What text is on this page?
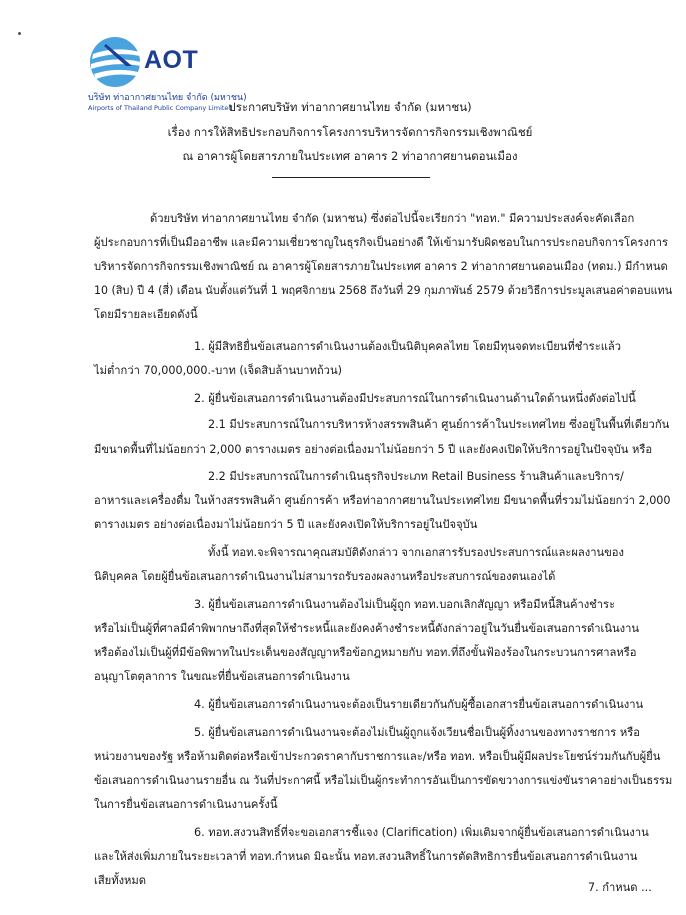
AOT
บริษัท ท่าอากาศยานไทย จำกัด (มหาชน)
Airports of Thailand Public Company Limited
ประกาศบริษัท ท่าอากาศยานไทย จำกัด (มหาชน)
เรื่อง การให้สิทธิประกอบกิจการโครงการบริหารจัดการกิจกรรมเชิงพาณิชย์
ณ อาคารผู้โดยสารภายในประเทศ อาคาร 2 ท่าอากาศยานดอนเมือง
ด้วยบริษัท ท่าอากาศยานไทย จำกัด (มหาชน) ซึ่งต่อไปนี้จะเรียกว่า "ทอท." มีความประสงค์จะคัดเลือก
ผู้ประกอบการที่เป็นมืออาชีพ และมีความเชี่ยวชาญในธุรกิจเป็นอย่างดี ให้เข้ามารับผิดชอบในการประกอบกิจการโครงการ
บริหารจัดการกิจกรรมเชิงพาณิชย์ ณ อาคารผู้โดยสารภายในประเทศ อาคาร 2 ท่าอากาศยานดอนเมือง (ทดม.) มีกำหนด
10 (สิบ) ปี 4 (สี่) เดือน นับตั้งแต่วันที่ 1 พฤศจิกายน 2568 ถึงวันที่ 29 กุมภาพันธ์ 2579 ด้วยวิธีการประมูลเสนอค่าตอบแทน
โดยมีรายละเอียดดังนี้
1. ผู้มีสิทธิยื่นข้อเสนอการดำเนินงานต้องเป็นนิติบุคคลไทย โดยมีทุนจดทะเบียนที่ชำระแล้ว
ไม่ต่ำกว่า 70,000,000.-บาท (เจ็ดสิบล้านบาทถ้วน)
2. ผู้ยื่นข้อเสนอการดำเนินงานต้องมีประสบการณ์ในการดำเนินงานด้านใดด้านหนึ่งดังต่อไปนี้
2.1 มีประสบการณ์ในการบริหารห้างสรรพสินค้า ศูนย์การค้าในประเทศไทย ซึ่งอยู่ในพื้นที่เดียวกัน
มีขนาดพื้นที่ไม่น้อยกว่า 2,000 ตารางเมตร อย่างต่อเนื่องมาไม่น้อยกว่า 5 ปี และยังคงเปิดให้บริการอยู่ในปัจจุบัน หรือ
2.2 มีประสบการณ์ในการดำเนินธุรกิจประเภท Retail Business ร้านสินค้าและบริการ/
อาหารและเครื่องดื่ม ในห้างสรรพสินค้า ศูนย์การค้า หรือท่าอากาศยานในประเทศไทย มีขนาดพื้นที่รวมไม่น้อยกว่า 2,000
ตารางเมตร อย่างต่อเนื่องมาไม่น้อยกว่า 5 ปี และยังคงเปิดให้บริการอยู่ในปัจจุบัน
ทั้งนี้ ทอท.จะพิจารณาคุณสมบัติดังกล่าว จากเอกสารรับรองประสบการณ์และผลงานของ
นิติบุคคล โดยผู้ยื่นข้อเสนอการดำเนินงานไม่สามารถรับรองผลงานหรือประสบการณ์ของตนเองได้
3. ผู้ยื่นข้อเสนอการดำเนินงานต้องไม่เป็นผู้ถูก ทอท.บอกเลิกสัญญา หรือมีหนี้สินค้างชำระ
หรือไม่เป็นผู้ที่ศาลมีคำพิพากษาถึงที่สุดให้ชำระหนี้และยังคงค้างชำระหนี้ดังกล่าวอยู่ในวันยื่นข้อเสนอการดำเนินงาน
หรือต้องไม่เป็นผู้ที่มีข้อพิพาทในประเด็นของสัญญาหรือข้อกฎหมายกับ ทอท.ที่ถึงขั้นฟ้องร้องในกระบวนการศาลหรือ
อนุญาโตตุลาการ ในขณะที่ยื่นข้อเสนอการดำเนินงาน
4. ผู้ยื่นข้อเสนอการดำเนินงานจะต้องเป็นรายเดียวกันกับผู้ซื้อเอกสารยื่นข้อเสนอการดำเนินงาน
5. ผู้ยื่นข้อเสนอการดำเนินงานจะต้องไม่เป็นผู้ถูกแจ้งเวียนชื่อเป็นผู้ทิ้งงานของทางราชการ หรือ
หน่วยงานของรัฐ หรือห้ามติดต่อหรือเข้าประกวดราคากับราชการและ/หรือ ทอท. หรือเป็นผู้มีผลประโยชน์ร่วมกันกับผู้ยื่น
ข้อเสนอการดำเนินงานรายอื่น ณ วันที่ประกาศนี้ หรือไม่เป็นผู้กระทำการอันเป็นการขัดขวางการแข่งขันราคาอย่างเป็นธรรม
ในการยื่นข้อเสนอการดำเนินงานครั้งนี้
6. ทอท.สงวนสิทธิ์ที่จะขอเอกสารชี้แจง (Clarification) เพิ่มเติมจากผู้ยื่นข้อเสนอการดำเนินงาน
และให้ส่งเพิ่มภายในระยะเวลาที่ ทอท.กำหนด มิฉะนั้น ทอท.สงวนสิทธิ์ในการตัดสิทธิการยื่นข้อเสนอการดำเนินงาน
เสียทั้งหมด
7. กำหนด ...
